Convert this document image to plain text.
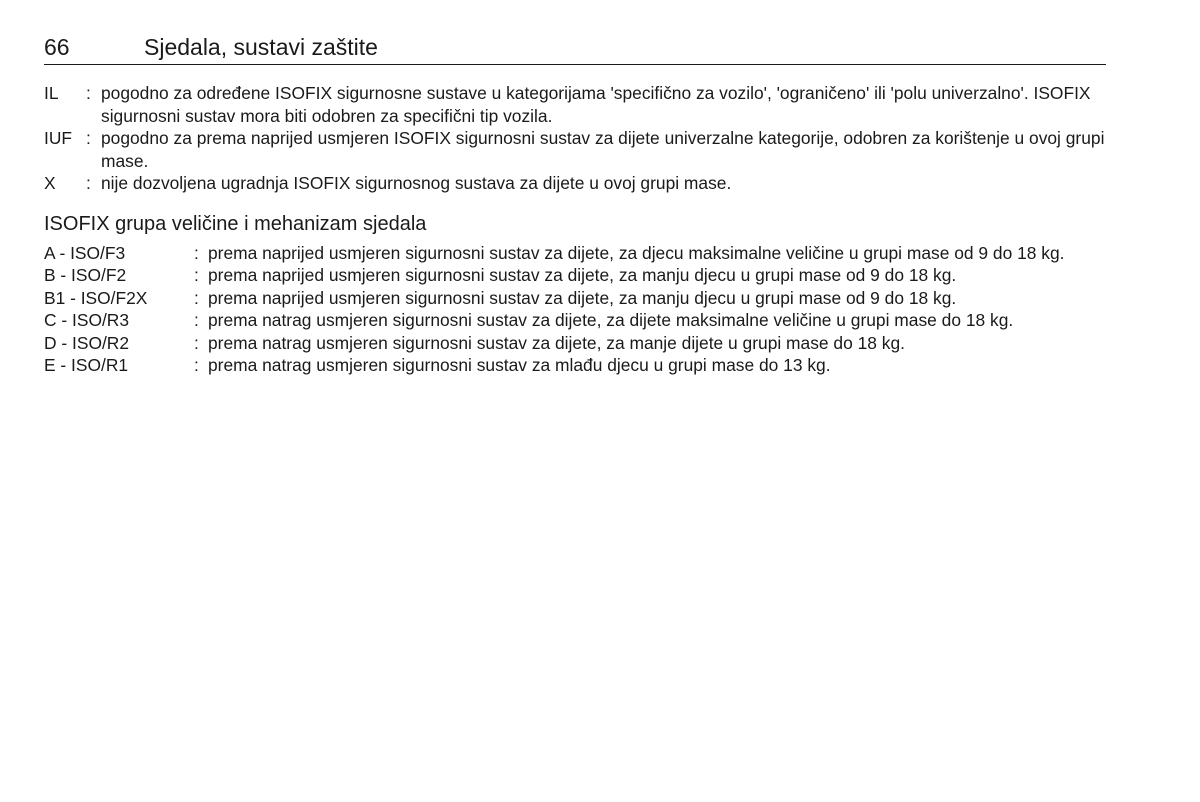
66	Sjedala, sustavi zaštite
IL	: pogodno za određene ISOFIX sigurnosne sustave u kategorijama 'specifično za vozilo', 'ograničeno' ili 'polu univerzalno'. ISOFIX sigurnosni sustav mora biti odobren za specifični tip vozila.
IUF : pogodno za prema naprijed usmjeren ISOFIX sigurnosni sustav za dijete univerzalne kategorije, odobren za korištenje u ovoj grupi mase.
X	: nije dozvoljena ugradnja ISOFIX sigurnosnog sustava za dijete u ovoj grupi mase.
ISOFIX grupa veličine i mehanizam sjedala
A - ISO/F3	: prema naprijed usmjeren sigurnosni sustav za dijete, za djecu maksimalne veličine u grupi mase od 9 do 18 kg.
B - ISO/F2	: prema naprijed usmjeren sigurnosni sustav za dijete, za manju djecu u grupi mase od 9 do 18 kg.
B1 - ISO/F2X	: prema naprijed usmjeren sigurnosni sustav za dijete, za manju djecu u grupi mase od 9 do 18 kg.
C - ISO/R3	: prema natrag usmjeren sigurnosni sustav za dijete, za dijete maksimalne veličine u grupi mase do 18 kg.
D - ISO/R2	: prema natrag usmjeren sigurnosni sustav za dijete, za manje dijete u grupi mase do 18 kg.
E - ISO/R1	: prema natrag usmjeren sigurnosni sustav za mlađu djecu u grupi mase do 13 kg.
